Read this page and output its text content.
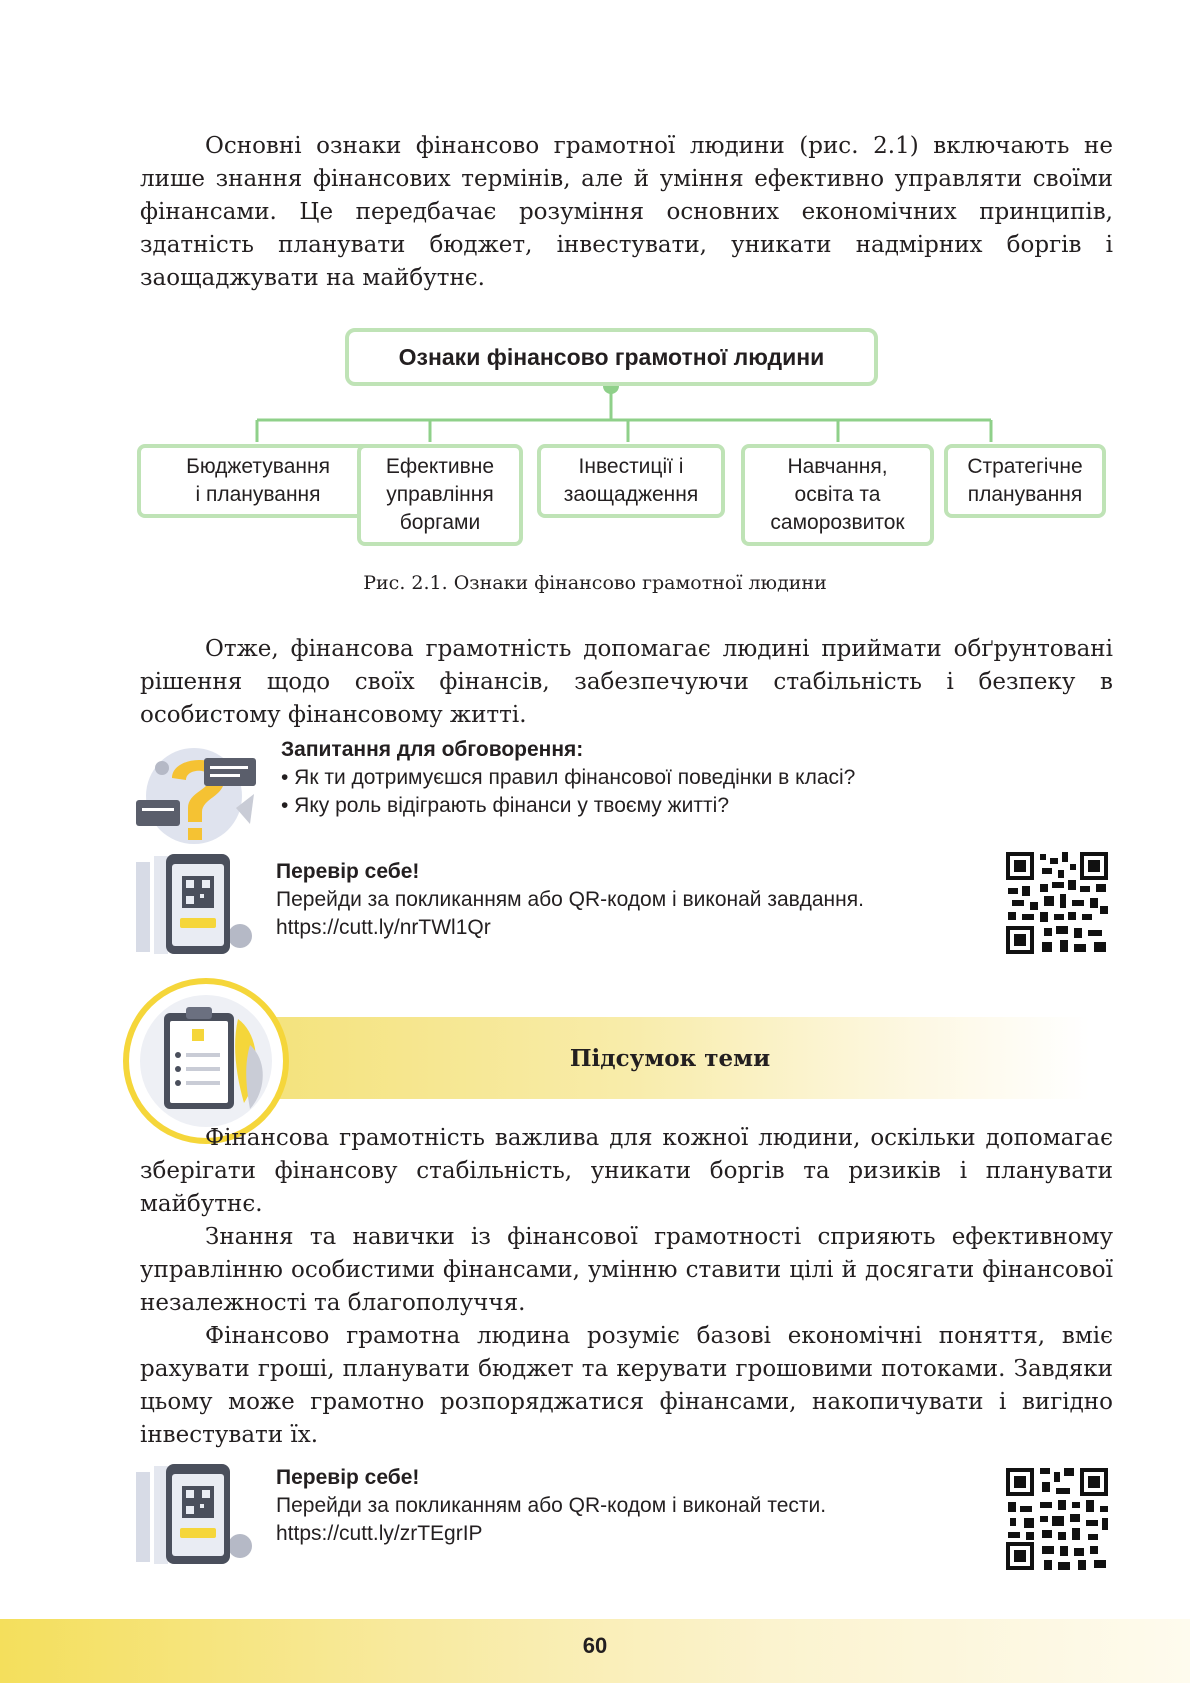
Основні ознаки фінансово грамотної людини (рис. 2.1) включають не лише знання фінансових термінів, але й уміння ефективно управляти своїми фінансами. Це передбачає розуміння основних економічних принципів, здатність планувати бюджет, інвестувати, уникати надмірних боргів і заощаджувати на майбутнє.

Ознаки фінансово грамотної людини
Бюджетування
і планування
Ефективне
управління
боргами
Інвестиції і
заощадження
Навчання,
освіта та
саморозвиток
Стратегічне
планування
Рис. 2.1. Ознаки фінансово грамотної людини

Отже, фінансова грамотність допомагає людині приймати обґрунтовані рішення щодо своїх фінансів, забезпечуючи стабільність і безпеку в особистому фінансовому житті.

Запитання для обговорення:
• Як ти дотримуєшся правил фінансової поведінки в класі?
• Яку роль відіграють фінанси у твоєму житті?
Перевір себе!
Перейди за покликанням або QR-кодом і виконай завдання.
https://cutt.ly/nrTWl1Qr
Підсумок теми

Фінансова грамотність важлива для кожної людини, оскільки допомагає зберігати фінансову стабільність, уникати боргів та ризиків і планувати майбутнє.

Знання та навички із фінансової грамотності сприяють ефективному управлінню особистими фінансами, умінню ставити цілі й досягати фінансової незалежності та благополуччя.

Фінансово грамотна людина розуміє базові економічні поняття, вміє рахувати гроші, планувати бюджет та керувати грошовими потоками. Завдяки цьому може грамотно розпоряджатися фінансами, накопичувати і вигідно інвестувати їх.

Перевір себе!
Перейди за покликанням або QR-кодом і виконай тести.
https://cutt.ly/zrTEgrIP
60
